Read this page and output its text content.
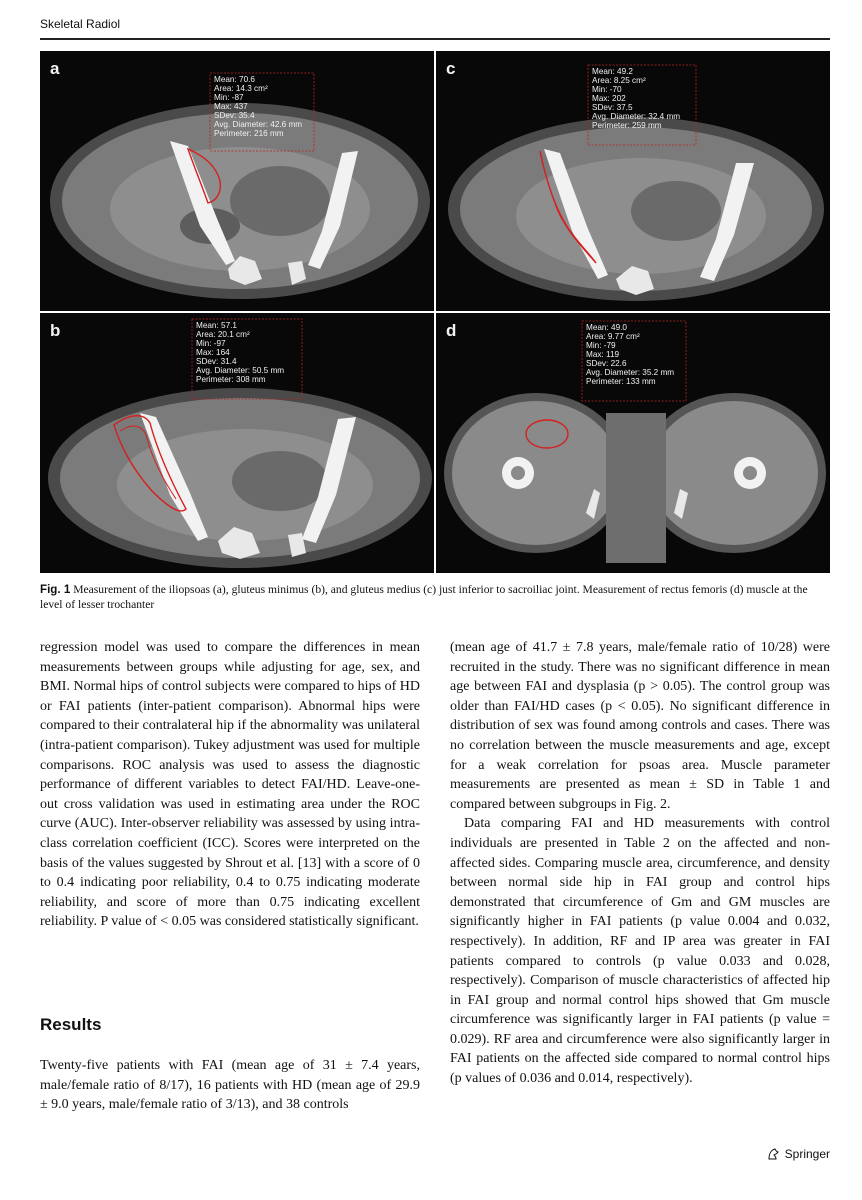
Skeletal Radiol
a
Mean: 70.6
Area: 14.3 cm²
Min: -87
Max: 437
SDev: 35.4
Avg. Diameter: 42.6 mm
Perimeter: 216 mm
c	Mean: 49.2
Area: 8.25 cm²
Min: -70
Max: 202
SDev: 37.5
Avg. Diameter: 32.4 mm
Perimeter: 259 mm
b	Mean: 57.1
Area: 20.1 cm²
Min: -97
Max: 164
SDev: 31.4
Avg. Diameter: 50.5 mm
Perimeter: 308 mm
d	Mean: 49.0
Area: 9.77 cm²
Min: -79
Max: 119
SDev: 22.6
Avg. Diameter: 35.2 mm
Perimeter: 133 mm
Fig. 1 Measurement of the iliopsoas (a), gluteus minimus (b), and gluteus medius (c) just inferior to sacroiliac joint. Measurement of rectus femoris (d) muscle at the level of lesser trochanter

regression model was used to compare the differences in mean measurements between groups while adjusting for age, sex, and BMI. Normal hips of control subjects were compared to hips of HD or FAI patients (inter-patient comparison). Abnormal hips were compared to their contralateral hip if the abnormality was unilateral (intra-patient comparison). Tukey adjustment was used for multiple comparisons. ROC analysis was used to assess the diagnostic performance of different variables to detect FAI/HD. Leave-one-out cross validation was used in estimating area under the ROC curve (AUC). Inter-observer reliability was assessed by using intra-class correlation coefficient (ICC). Scores were interpreted on the basis of the values suggested by Shrout et al. [13] with a score of 0 to 0.4 indicating poor reliability, 0.4 to 0.75 indicating moderate reliability, and score of more than 0.75 indicating excellent reliability. P value of < 0.05 was considered statistically significant.

Results
Twenty-five patients with FAI (mean age of 31 ± 7.4 years, male/female ratio of 8/17), 16 patients with HD (mean age of 29.9 ± 9.0 years, male/female ratio of 3/13), and 38 controls

(mean age of 41.7 ± 7.8 years, male/female ratio of 10/28) were recruited in the study. There was no significant difference in mean age between FAI and dysplasia (p > 0.05). The control group was older than FAI/HD cases (p < 0.05). No significant difference in distribution of sex was found among controls and cases. There was no correlation between the muscle measurements and age, except for a weak correlation for psoas area. Muscle parameter measurements are presented as mean ± SD in Table 1 and compared between subgroups in Fig. 2.

Data comparing FAI and HD measurements with control individuals are presented in Table 2 on the affected and non-affected sides. Comparing muscle area, circumference, and density between normal side hip in FAI group and control hips demonstrated that circumference of Gm and GM muscles are significantly higher in FAI patients (p value 0.004 and 0.032, respectively). In addition, RF and IP area was greater in FAI patients compared to controls (p value 0.033 and 0.028, respectively). Comparison of muscle characteristics of affected hip in FAI group and normal control hips showed that Gm muscle circumference was significantly larger in FAI patients (p value = 0.029). RF area and circumference were also significantly larger in FAI patients on the affected side compared to normal control hips (p values of 0.036 and 0.014, respectively).

Springer
